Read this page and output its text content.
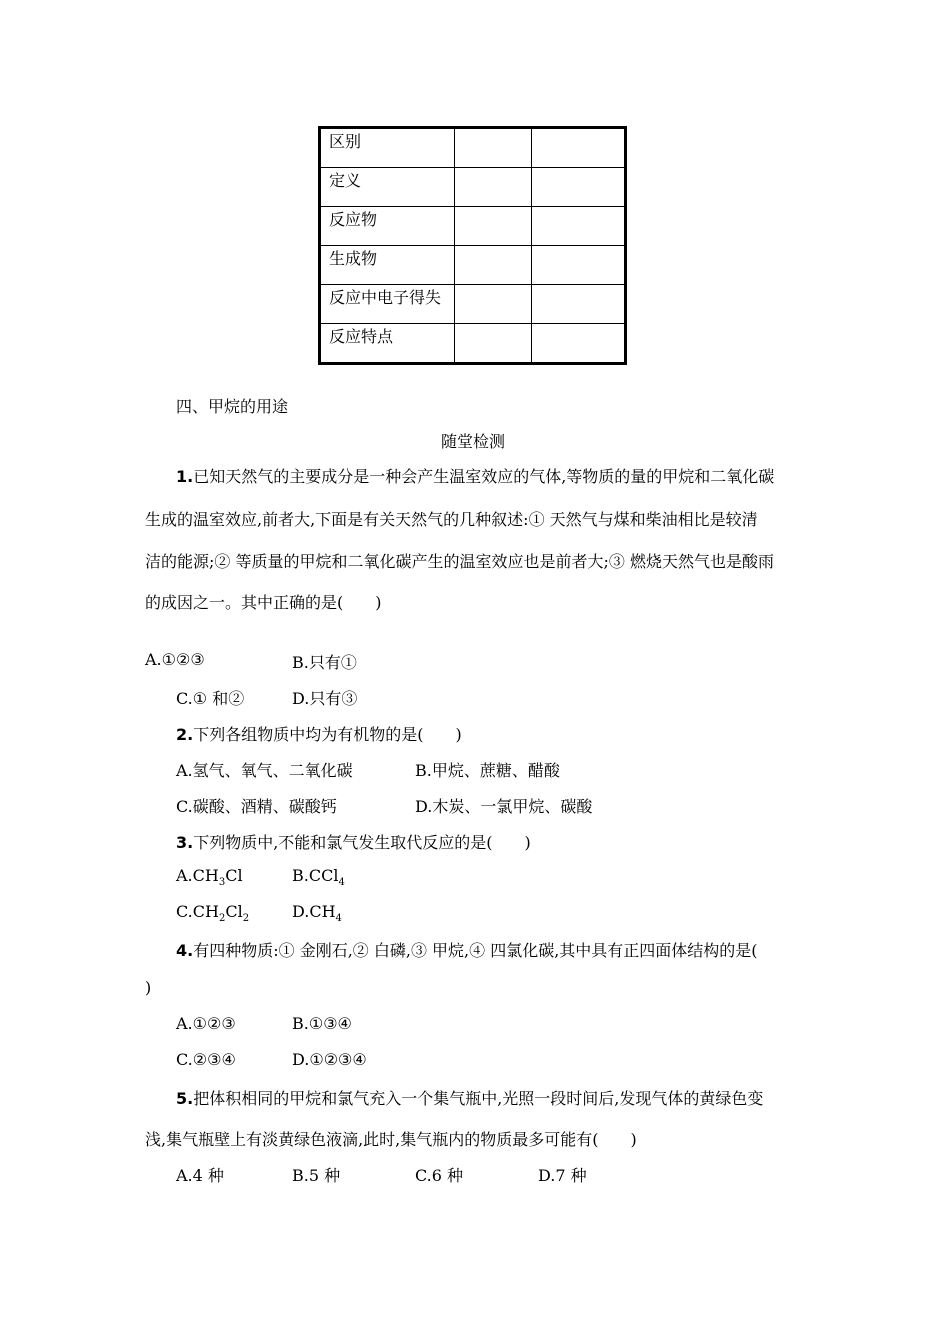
区别		
定义		
反应物		
生成物		
反应中电子得失		
反应特点		
四、甲烷的用途
随堂检测
1.已知天然气的主要成分是一种会产生温室效应的气体,等物质的量的甲烷和二氧化碳
生成的温室效应,前者大,下面是有关天然气的几种叙述:① 天然气与煤和柴油相比是较清
洁的能源;② 等质量的甲烷和二氧化碳产生的温室效应也是前者大;③ 燃烧天然气也是酸雨
的成因之一。其中正确的是(　　)
A.①②③	B.只有①
C.① 和②	D.只有③
2.下列各组物质中均为有机物的是(　　)
A.氢气、氧气、二氧化碳	B.甲烷、蔗糖、醋酸
C.碳酸、酒精、碳酸钙	D.木炭、一氯甲烷、碳酸
3.下列物质中,不能和氯气发生取代反应的是(　　)
$A.CH_3Cl$	B.CCl$_4$
$C.CH_2Cl_2$	$D.CH_4$
4.有四种物质:① 金刚石,② 白磷,③ 甲烷,④ 四氯化碳,其中具有正四面体结构的是(
)
A.①②③	B.①③④
C.②③④	D.①②③④
5.把体积相同的甲烷和氯气充入一个集气瓶中,光照一段时间后,发现气体的黄绿色变
浅,集气瓶壁上有淡黄绿色液滴,此时,集气瓶内的物质最多可能有(　　)
A.4 种	B.5 种	C.6 种	D.7 种
